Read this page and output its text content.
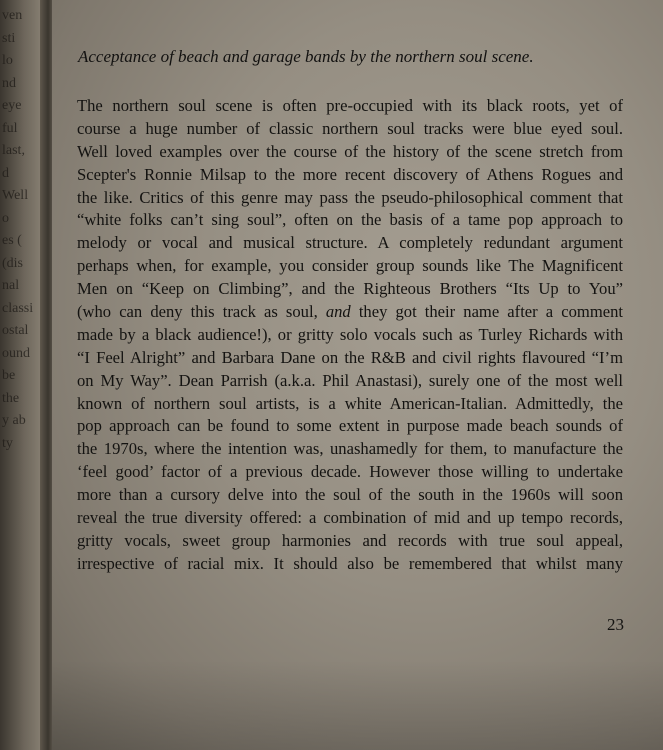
ven
sti
lo
nd
eye
ful
last,
d
Well
o
es (
(dis
nal
classi
ostal
ound
be
the
y ab
ty
Acceptance of beach and garage bands by the northern soul scene.
The northern soul scene is often pre-occupied with its black roots, yet of
course a huge number of classic northern soul tracks were blue eyed soul.
Well loved examples over the course of the history of the scene stretch from
Scepter's Ronnie Milsap to the more recent discovery of Athens Rogues and
the like. Critics of this genre may pass the pseudo-philosophical comment that
“white folks can’t sing soul”, often on the basis of a tame pop approach to
melody or vocal and musical structure. A completely redundant argument
perhaps when, for example, you consider group sounds like The Magnificent
Men on “Keep on Climbing”, and the Righteous Brothers “Its Up to You”
(who can deny this track as soul, and they got their name after a comment
made by a black audience!), or gritty solo vocals such as Turley Richards with
“I Feel Alright” and Barbara Dane on the R&B and civil rights flavoured “I’m
on My Way”. Dean Parrish (a.k.a. Phil Anastasi), surely one of the most well
known of northern soul artists, is a white American-Italian. Admittedly, the
pop approach can be found to some extent in purpose made beach sounds of
the 1970s, where the intention was, unashamedly for them, to manufacture the
‘feel good’ factor of a previous decade. However those willing to undertake
more than a cursory delve into the soul of the south in the 1960s will soon
reveal the true diversity offered: a combination of mid and up tempo records,
gritty vocals, sweet group harmonies and records with true soul appeal,
irrespective of racial mix. It should also be remembered that whilst many
23
